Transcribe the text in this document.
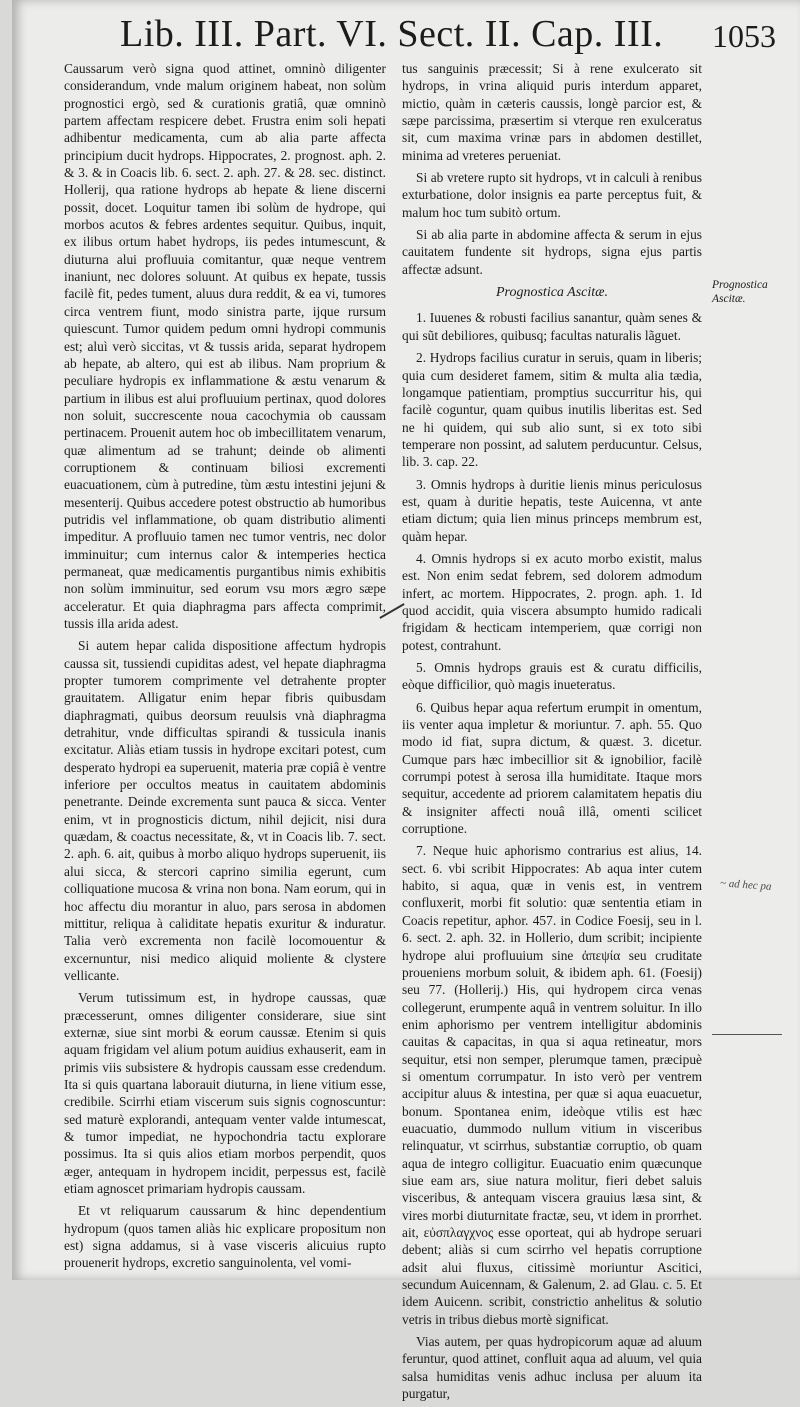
Lib. III. Part. VI. Sect. II. Cap. III. 1053

Caussarum verò signa quod attinet, omninò diligenter considerandum, vnde malum originem habeat, non solùm prognostici ergò, sed & curationis gratiâ, quæ omninò partem affectam respicere debet. Frustra enim soli hepati adhibentur medicamenta, cum ab alia parte affecta principium ducit hydrops. Hippocrates, 2. prognost. aph. 2. & 3. & in Coacis lib. 6. sect. 2. aph. 27. & 28. sec. distinct. Hollerij, qua ratione hydrops ab hepate & liene discerni possit, docet. Loquitur tamen ibi solùm de hydrope, qui morbos acutos & febres ardentes sequitur. Quibus, inquit, ex ilibus ortum habet hydrops, iis pedes intumescunt, & diuturna alui profluuia comitantur, quæ neque ventrem inaniunt, nec dolores soluunt. At quibus ex hepate, tussis facilè fit, pedes tument, aluus dura reddit, & ea vi, tumores circa ventrem fiunt, modo sinistra parte, ijque rursum quiescunt. Tumor quidem pedum omni hydropi communis est; aluì verò siccitas, vt & tussis arida, separat hydropem ab hepate, ab altero, qui est ab ilibus. Nam proprium & peculiare hydropis ex inflammatione & æstu venarum & partium in ilibus est alui profluuium pertinax, quod dolores non soluit, succrescente noua cacochymia ob caussam pertinacem. Prouenit autem hoc ob imbecillitatem venarum, quæ alimentum ad se trahunt; deinde ob alimenti corruptionem & continuam biliosi excrementi euacuationem, cùm à putredine, tùm æstu intestini jejuni & mesenterij. Quibus accedere potest obstructio ab humoribus putridis vel inflammatione, ob quam distributio alimenti impeditur. A profluuio tamen nec tumor ventris, nec dolor imminuitur; cum internus calor & intemperies hectica permaneat, quæ medicamentis purgantibus nimis exhibitis non solùm imminuitur, sed eorum vsu mors ægro sæpe acceleratur. Et quia diaphragma pars affecta comprimit, tussis illa arida adest.

Si autem hepar calida dispositione affectum hydropis caussa sit, tussiendi cupiditas adest, vel hepate diaphragma propter tumorem comprimente vel detrahente propter grauitatem. Alligatur enim hepar fibris quibusdam diaphragmati, quibus deorsum reuulsis vnà diaphragma detrahitur, vnde difficultas spirandi & tussicula inanis excitatur. Aliàs etiam tussis in hydrope excitari potest, cum desperato hydropi ea superuenit, materia præ copiâ è ventre inferiore per occultos meatus in cauitatem abdominis penetrante. Deinde excrementa sunt pauca & sicca. Venter enim, vt in prognosticis dictum, nihil dejicit, nisi dura quædam, & coactus necessitate, &, vt in Coacis lib. 7. sect. 2. aph. 6. ait, quibus à morbo aliquo hydrops superuenit, iis alui sicca, & stercori caprino similia egerunt, cum colliquatione mucosa & vrina non bona. Nam eorum, qui in hoc affectu diu morantur in aluo, pars serosa in abdomen mittitur, reliqua à caliditate hepatis exuritur & induratur. Talia verò excrementa non facilè locomouentur & excernuntur, nisi medico aliquid moliente & clystere vellicante.

Verum tutissimum est, in hydrope caussas, quæ præcesserunt, omnes diligenter considerare, siue sint externæ, siue sint morbi & eorum caussæ. Etenim si quis aquam frigidam vel alium potum auidius exhauserit, eam in primis viis subsistere & hydropis caussam esse credendum. Ita si quis quartana laborauit diuturna, in liene vitium esse, credibile. Scirrhi etiam viscerum suis signis cognoscuntur: sed maturè explorandi, antequam venter valde intumescat, & tumor impediat, ne hypochondria tactu explorare possimus. Ita si quis alios etiam morbos perpendit, quos æger, antequam in hydropem incidit, perpessus est, facilè etiam agnoscet primariam hydropis caussam.

Et vt reliquarum caussarum & hinc dependentium hydropum (quos tamen aliàs hic explicare propositum non est) signa addamus, si à vase visceris alicuius rupto prouenerit hydrops, excretio sanguinolenta, vel vomi-

tus sanguinis præcessit; Si à rene exulcerato sit hydrops, in vrina aliquid puris interdum apparet, mictio, quàm in cæteris caussis, longè parcior est, & sæpe parcissima, præsertim si vterque ren exulceratus sit, cum maxima vrinæ pars in abdomen destillet, minima ad vreteres perueniat.

Si ab vretere rupto sit hydrops, vt in calculi à renibus exturbatione, dolor insignis ea parte perceptus fuit, & malum hoc tum subitò ortum.

Si ab alia parte in abdomine affecta & serum in ejus cauitatem fundente sit hydrops, signa ejus partis affectæ adsunt.

Prognostica Ascitæ.

1. Iuuenes & robusti facilius sanantur, quàm senes & qui sũt debiliores, quibusq; facultas naturalis lãguet.

2. Hydrops facilius curatur in seruis, quam in liberis; quia cum desideret famem, sitim & multa alia tædia, longamque patientiam, promptius succurritur his, qui facilè coguntur, quam quibus inutilis liberitas est. Sed ne hi quidem, qui sub alio sunt, si ex toto sibi temperare non possint, ad salutem perducuntur. Celsus, lib. 3. cap. 22.

3. Omnis hydrops à duritie lienis minus periculosus est, quam à duritie hepatis, teste Auicenna, vt ante etiam dictum; quia lien minus princeps membrum est, quàm hepar.

4. Omnis hydrops si ex acuto morbo existit, malus est. Non enim sedat febrem, sed dolorem admodum infert, ac mortem. Hippocrates, 2. progn. aph. 1. Id quod accidit, quia viscera absumpto humido radicali frigidam & hecticam intemperiem, quæ corrigi non potest, contrahunt.

5. Omnis hydrops grauis est & curatu difficilis, eòque difficilior, quò magis inueteratus.

6. Quibus hepar aqua refertum erumpit in omentum, iis venter aqua impletur & moriuntur. 7. aph. 55. Quo modo id fiat, supra dictum, & quæst. 3. dicetur. Cumque pars hæc imbecillior sit & ignobilior, facilè corrumpi potest à serosa illa humiditate. Itaque mors sequitur, accedente ad priorem calamitatem hepatis diu & insigniter affecti nouâ illâ, omenti scilicet corruptione.

7. Neque huic aphorismo contrarius est alius, 14. sect. 6. vbi scribit Hippocrates: Ab aqua inter cutem habito, si aqua, quæ in venis est, in ventrem confluxerit, morbi fit solutio: quæ sententia etiam in Coacis repetitur, aphor. 457. in Codice Foesij, seu in l. 6. sect. 2. aph. 32. in Hollerio, dum scribit; incipiente hydrope alui profluuium sine ἀπεψία seu cruditate proueniens morbum soluit, & ibidem aph. 61. (Foesij) seu 77. (Hollerij.) His, qui hydropem circa venas collegerunt, erumpente aquâ in ventrem soluitur. In illo enim aphorismo per ventrem intelligitur abdominis cauitas & capacitas, in qua si aqua retineatur, mors sequitur, etsi non semper, plerumque tamen, præcipuè si omentum corrumpatur. In isto verò per ventrem accipitur aluus & intestina, per quæ si aqua euacuetur, bonum. Spontanea enim, ideòque vtilis est hæc euacuatio, dummodo nullum vitium in visceribus relinquatur, vt scirrhus, substantiæ corruptio, ob quam aqua de integro colligitur. Euacuatio enim quæcunque siue eam ars, siue natura molitur, fieri debet saluis visceribus, & antequam viscera grauius læsa sint, & vires morbi diuturnitate fractæ, seu, vt idem in prorrhet. ait, εὐσπλαγχνος esse oporteat, qui ab hydrope seruari debent; aliàs si cum scirrho vel hepatis corruptione adsit alui fluxus, citissimè moriuntur Ascitici, secundum Auicennam, & Galenum, 2. ad Glau. c. 5. Et idem Auicenn. scribit, constrictio anhelitus & solutio vetris in tribus diebus mortè significat.

Vias autem, per quas hydropicorum aquæ ad aluum feruntur, quod attinet, confluit aqua ad aluum, vel quia salsa humiditas venis adhuc inclusa per aluum ita purgatur,

Prognostica Ascitæ.
~ ad hec pa
